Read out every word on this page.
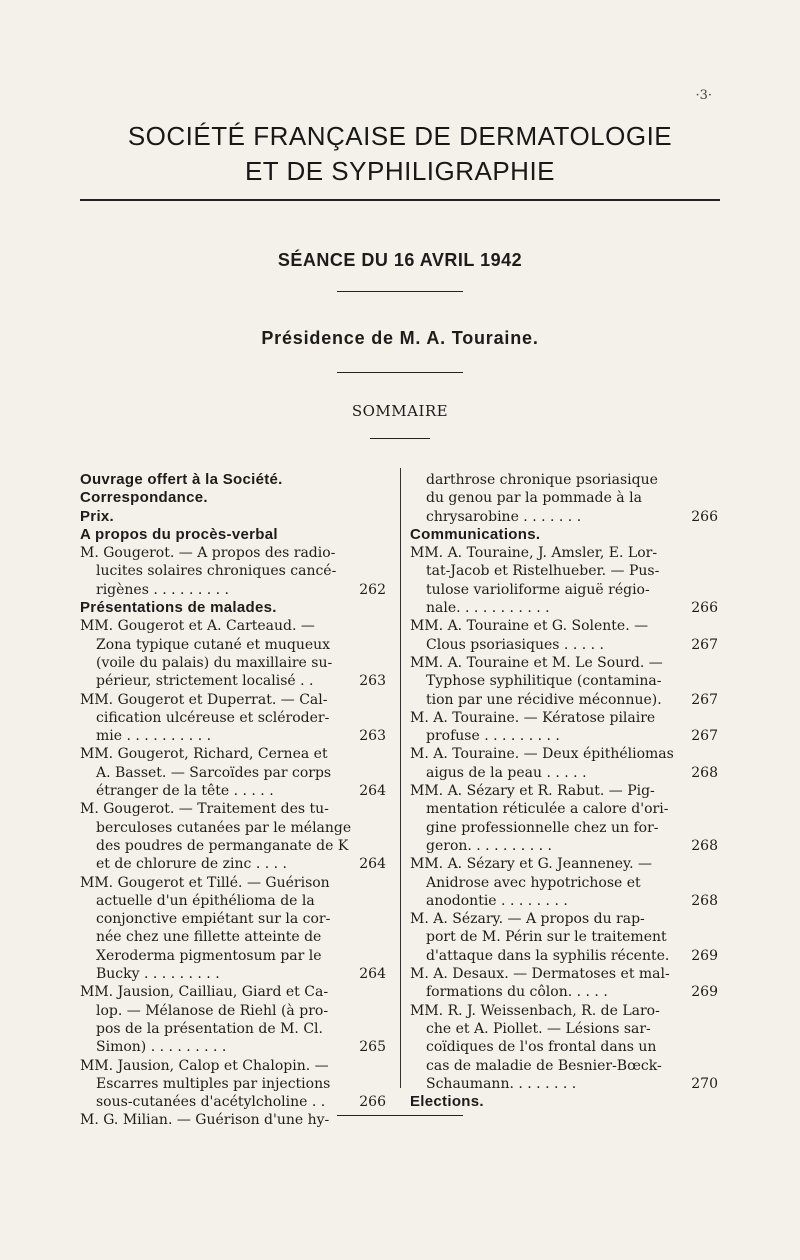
·3·
SOCIÉTÉ FRANÇAISE DE DERMATOLOGIE
ET DE SYPHILIGRAPHIE
SÉANCE DU 16 AVRIL 1942
Présidence de M. A. Touraine.
SOMMAIRE
Ouvrage offert à la Société.
Correspondance.
Prix.
A propos du procès-verbal
M. Gougerot. — A propos des radio-
lucites solaires chroniques cancé-
rigènes . . . . . . . . .	262
Présentations de malades.
MM. Gougerot et A. Carteaud. —
Zona typique cutané et muqueux
(voile du palais) du maxillaire su-
périeur, strictement localisé . .	263
MM. Gougerot et Duperrat. — Cal-
cification ulcéreuse et scléroder-
mie . . . . . . . . . .	263
MM. Gougerot, Richard, Cernea et
A. Basset. — Sarcoïdes par corps
étranger de la tête . . . . .	264
M. Gougerot. — Traitement des tu-
berculoses cutanées par le mélange
des poudres de permanganate de K
et de chlorure de zinc . . . .	264
MM. Gougerot et Tillé. — Guérison
actuelle d'un épithélioma de la
conjonctive empiétant sur la cor-
née chez une fillette atteinte de
Xeroderma pigmentosum par le
Bucky . . . . . . . . .	264
MM. Jausion, Cailliau, Giard et Ca-
lop. — Mélanose de Riehl (à pro-
pos de la présentation de M. Cl.
Simon) . . . . . . . . .	265
MM. Jausion, Calop et Chalopin. —
Escarres multiples par injections
sous-cutanées d'acétylcholine . .	266
M. G. Milian. — Guérison d'une hy-
darthrose chronique psoriasique
du genou par la pommade à la
chrysarobine . . . . . . .	266
Communications.
MM. A. Touraine, J. Amsler, E. Lor-
tat-Jacob et Ristelhueber. — Pus-
tulose varioliforme aiguë régio-
nale. . . . . . . . . . .	266
MM. A. Touraine et G. Solente. —
Clous psoriasiques . . . . .	267
MM. A. Touraine et M. Le Sourd. —
Typhose syphilitique (contamina-
tion par une récidive méconnue).	267
M. A. Touraine. — Kératose pilaire
profuse . . . . . . . . .	267
M. A. Touraine. — Deux épithéliomas
aigus de la peau . . . . .	268
MM. A. Sézary et R. Rabut. — Pig-
mentation réticulée a calore d'ori-
gine professionnelle chez un for-
geron. . . . . . . . . .	268
MM. A. Sézary et G. Jeanneney. —
Anidrose avec hypotrichose et
anodontie . . . . . . . .	268
M. A. Sézary. — A propos du rap-
port de M. Périn sur le traitement
d'attaque dans la syphilis récente.	269
M. A. Desaux. — Dermatoses et mal-
formations du côlon. . . . .	269
MM. R. J. Weissenbach, R. de Laro-
che et A. Piollet. — Lésions sar-
coïdiques de l'os frontal dans un
cas de maladie de Besnier-Bœck-
Schaumann. . . . . . . .	270
Elections.
